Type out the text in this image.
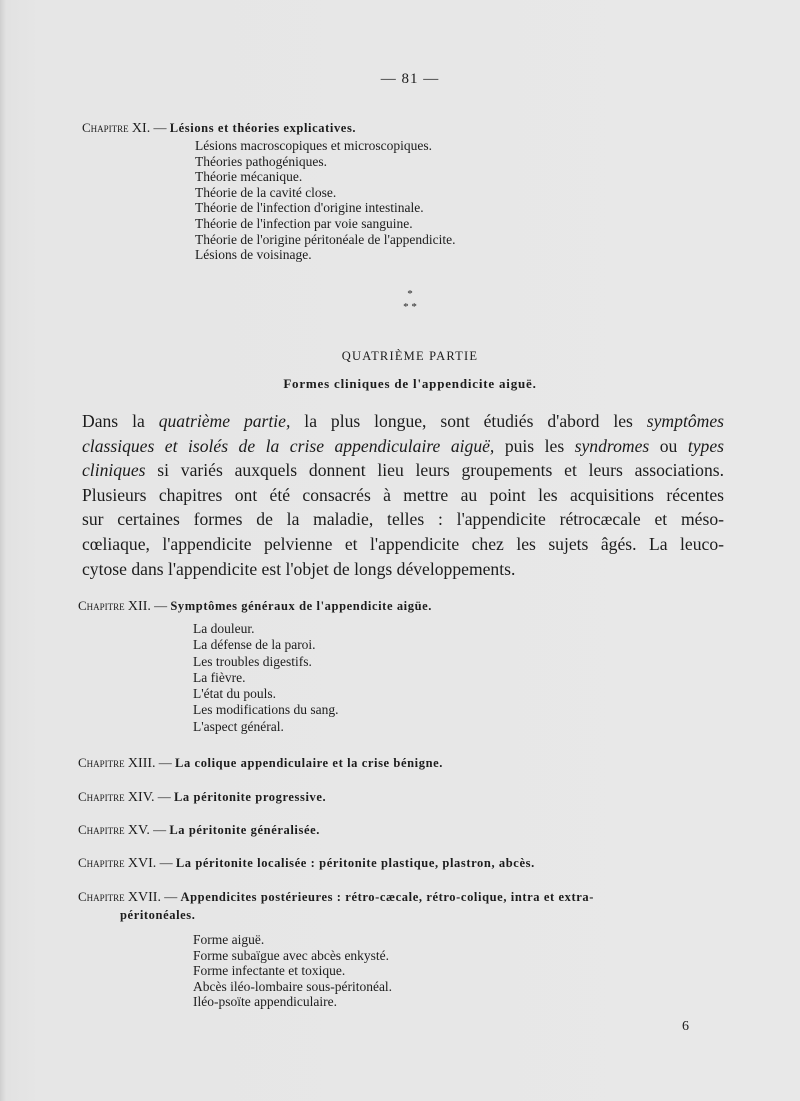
— 81 —
Chapitre XI. — Lésions et théories explicatives.
Lésions macroscopiques et microscopiques.
Théories pathogéniques.
Théorie mécanique.
Théorie de la cavité close.
Théorie de l'infection d'origine intestinale.
Théorie de l'infection par voie sanguine.
Théorie de l'origine péritonéale de l'appendicite.
Lésions de voisinage.
*
* *
QUATRIÈME PARTIE
Formes cliniques de l'appendicite aiguë.
Dans la quatrième partie, la plus longue, sont étudiés d'abord les symptômes
classiques et isolés de la crise appendiculaire aiguë, puis les syndromes ou types
cliniques si variés auxquels donnent lieu leurs groupements et leurs associations.
Plusieurs chapitres ont été consacrés à mettre au point les acquisitions récentes
sur certaines formes de la maladie, telles : l'appendicite rétrocæcale et méso-
cœliaque, l'appendicite pelvienne et l'appendicite chez les sujets âgés. La leuco-
cytose dans l'appendicite est l'objet de longs développements.
Chapitre XII. — Symptômes généraux de l'appendicite aigüe.
La douleur.
La défense de la paroi.
Les troubles digestifs.
La fièvre.
L'état du pouls.
Les modifications du sang.
L'aspect général.
Chapitre XIII. — La colique appendiculaire et la crise bénigne.
Chapitre XIV. — La péritonite progressive.
Chapitre XV. — La péritonite généralisée.
Chapitre XVI. — La péritonite localisée : péritonite plastique, plastron, abcès.
Chapitre XVII. — Appendicites postérieures : rétro-cæcale, rétro-colique, intra et extra-
péritonéales.
Forme aiguë.
Forme subaïgue avec abcès enkysté.
Forme infectante et toxique.
Abcès iléo-lombaire sous-péritonéal.
Iléo-psoïte appendiculaire.
6
